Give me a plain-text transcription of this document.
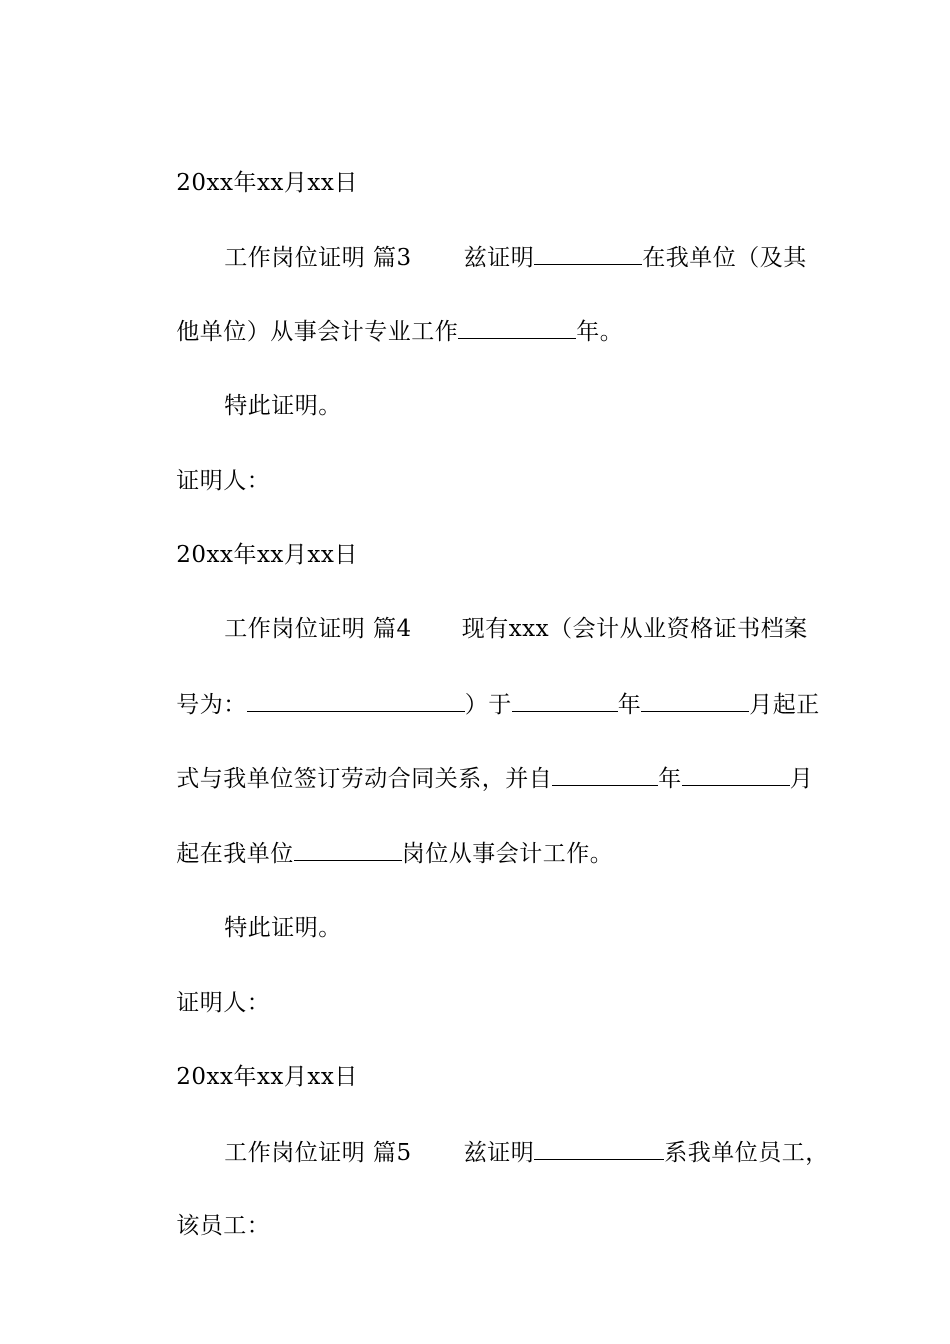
20xx年xx月xx日

工作岗位证明 篇3 兹证明	在我单位（及其

他单位）从事会计专业工作	年。

特此证明。

证明人：

20xx年xx月xx日

工作岗位证明 篇4 现有xxx（会计从业资格证书档案

号为：	）于	年	月起正

式与我单位签订劳动合同关系，并自	年	月

起在我单位	岗位从事会计工作。

特此证明。

证明人：

20xx年xx月xx日

工作岗位证明 篇5 兹证明	系我单位员工，

该员工：
